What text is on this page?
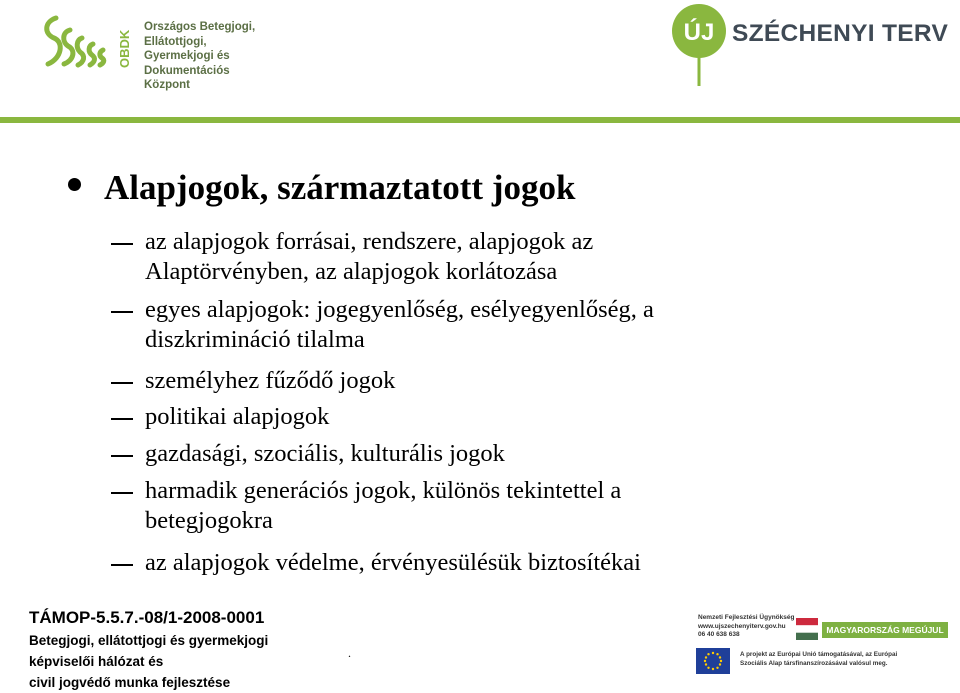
OBDK
Országos Betegjogi,
Ellátottjogi, Gyermekjogi és
Dokumentációs Központ
ÚJ SZÉCHENYI TERV
Alapjogok, származtatott jogok
az alapjogok forrásai, rendszere, alapjogok az
Alaptörvényben, az alapjogok korlátozása
egyes alapjogok: jogegyenlőség, esélyegyenlőség, a
diszkrimináció tilalma
személyhez fűződő jogok
politikai alapjogok
gazdasági, szociális, kulturális jogok
harmadik generációs jogok, különös tekintettel a
betegjogokra
az alapjogok védelme, érvényesülésük biztosítékai
TÁMOP-5.5.7.-08/1-2008-0001
Betegjogi, ellátottjogi és gyermekjogi
képviselői hálózat és
civil jogvédő munka fejlesztése
.
Nemzeti Fejlesztési Ügynökség
www.ujszechenyiterv.gov.hu
06 40 638 638	MAGYARORSZÁG MEGÚJUL
A projekt az Európai Unió támogatásával, az Európai
Szociális Alap társfinanszírozásával valósul meg.
